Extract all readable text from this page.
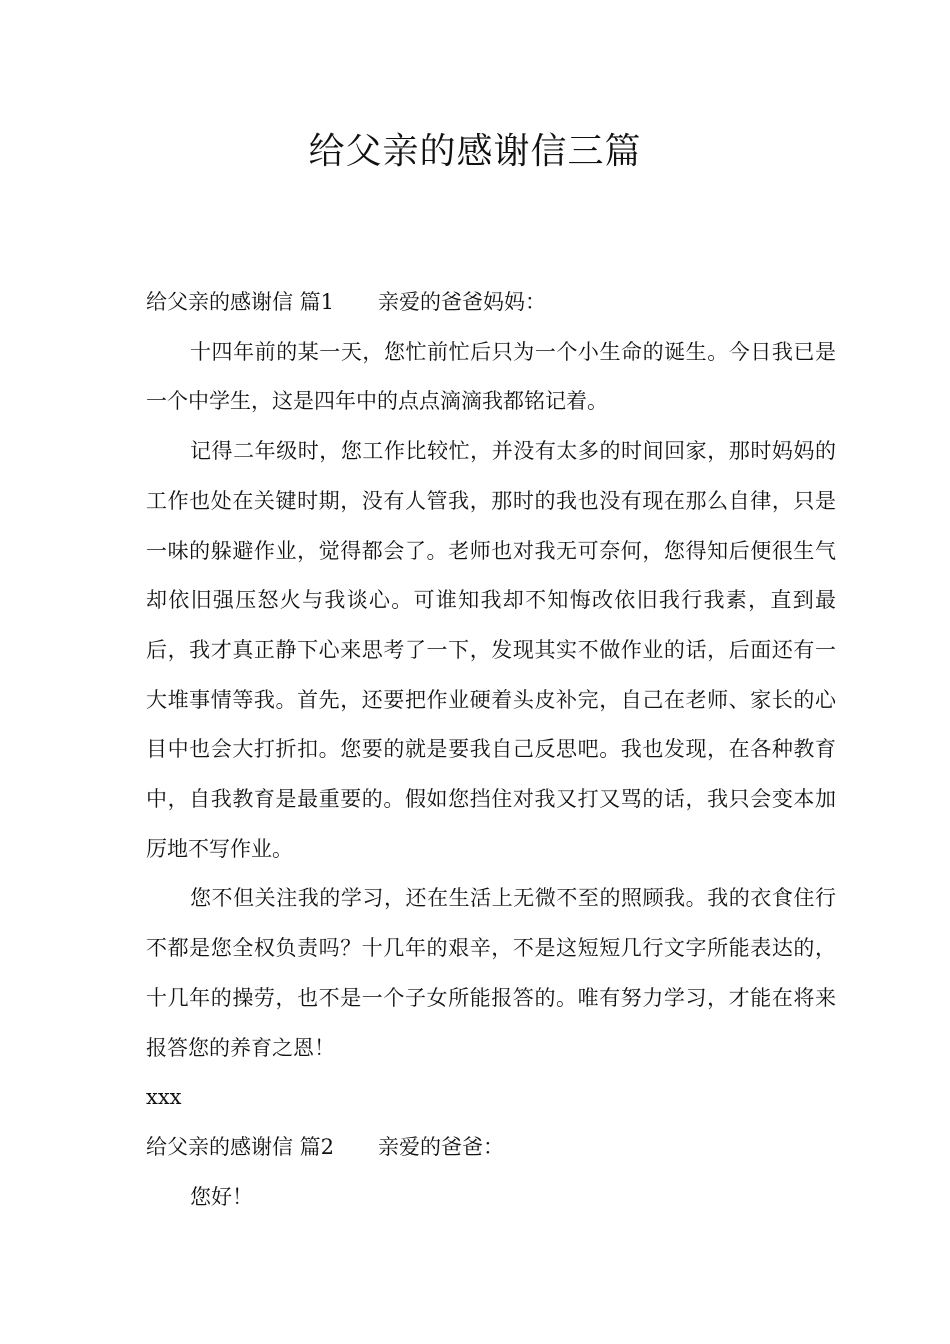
给父亲的感谢信三篇

给父亲的感谢信 篇1 亲爱的爸爸妈妈：

十四年前的某一天，您忙前忙后只为一个小生命的诞生。今日我已是一个中学生，这是四年中的点点滴滴我都铭记着。

记得二年级时，您工作比较忙，并没有太多的时间回家，那时妈妈的工作也处在关键时期，没有人管我，那时的我也没有现在那么自律，只是一味的躲避作业，觉得都会了。老师也对我无可奈何，您得知后便很生气却依旧强压怒火与我谈心。可谁知我却不知悔改依旧我行我素，直到最后，我才真正静下心来思考了一下，发现其实不做作业的话，后面还有一大堆事情等我。首先，还要把作业硬着头皮补完，自己在老师、家长的心目中也会大打折扣。您要的就是要我自己反思吧。我也发现，在各种教育中，自我教育是最重要的。假如您挡住对我又打又骂的话，我只会变本加厉地不写作业。

您不但关注我的学习，还在生活上无微不至的照顾我。我的衣食住行不都是您全权负责吗？十几年的艰辛，不是这短短几行文字所能表达的，十几年的操劳，也不是一个子女所能报答的。唯有努力学习，才能在将来报答您的养育之恩！

xxx

给父亲的感谢信 篇2 亲爱的爸爸：

您好！
